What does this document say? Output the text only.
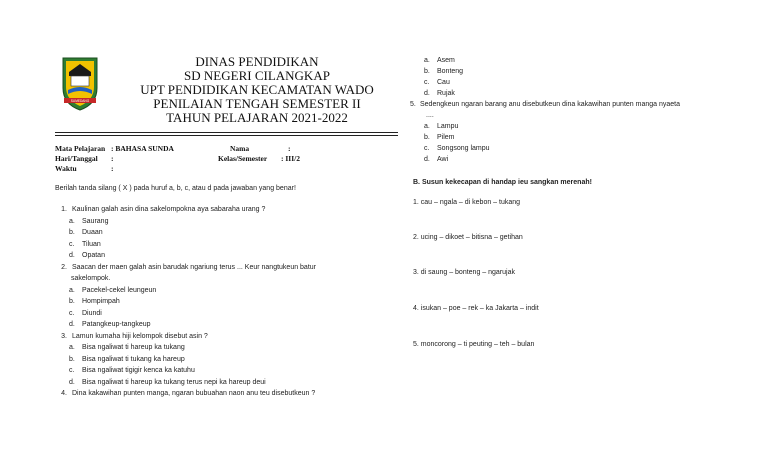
SUMEDANG
DINAS PENDIDIKAN
SD NEGERI CILANGKAP
UPT PENDIDIKAN KECAMATAN WADO
PENILAIAN TENGAH SEMESTER II
TAHUN PELAJARAN 2021-2022
Mata Pelajaran : BAHASA SUNDA
Hari/Tanggal :
Waktu	:
Nama	:
Kelas/Semester : III/2
Berilah tanda silang ( X ) pada huruf a, b, c, atau d pada jawaban yang benar!
1. Kaulinan galah asin dina sakelompokna aya sabaraha urang ?
a. Saurang
b. Duaan
c. Tiluan
d. Opatan
2. Saacan der maen galah asin barudak ngariung terus ... Keur nangtukeun batur
sakelompok.
a. Pacekel-cekel leungeun
b. Hompimpah
c. Diundi
d. Patangkeup-tangkeup
3. Lamun kumaha hiji kelompok disebut asin ?
a. Bisa ngaliwat ti hareup ka tukang
b. Bisa ngaliwat ti tukang ka hareup
c. Bisa ngaliwat tigigir kenca ka katuhu
d. Bisa ngaliwat ti hareup ka tukang terus nepi ka hareup deui
4. Dina kakawihan punten manga, ngaran bubuahan naon anu teu disebutkeun ?
a. Asem
b. Bonteng
c. Cau
d. Rujak
5. Sedengkeun ngaran barang anu disebutkeun dina kakawihan punten manga nyaeta
....
a. Lampu
b. Pilem
c. Songsong lampu
d. Awi
B. Susun kekecapan di handap ieu sangkan merenah!
1. cau – ngala – di kebon – tukang
2. ucing – dikoet – bitisna – getihan
3. di saung – bonteng – ngarujak
4. isukan – poe – rek – ka Jakarta – indit
5. moncorong – ti peuting – teh – bulan
